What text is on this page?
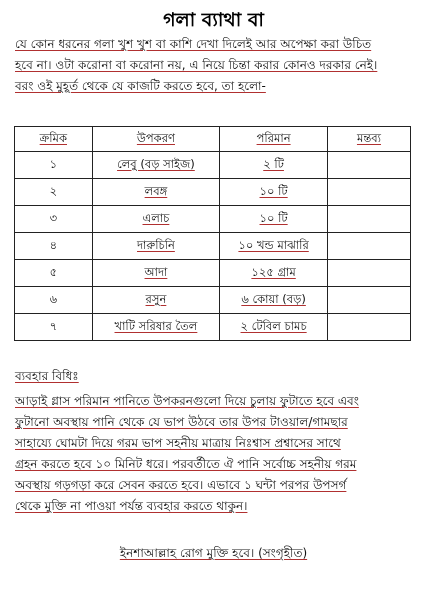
গলা ব্যাথা বা
যে কোন ধরনের গলা খুশ খুশ বা কাশি দেখা দিলেই আর অপেক্ষা করা উচিত
হবে না। ওটা করোনা বা করোনা নয়, এ নিয়ে চিন্তা করার কোনও দরকার নেই।
বরং ওই মুহূর্ত থেকে যে কাজটি করতে হবে, তা হলো-
ক্রমিক	উপকরণ	পরিমান	মন্তব্য
১	লেবু (বড় সাইজ)	২ টি	
২	লবঙ্গ	১০ টি	
৩	এলাচ	১০ টি	
৪	দারুচিনি	১০ খন্ড মাঝারি	
৫	আদা	১২৫ গ্রাম	
৬	রসুন	৬ কোয়া (বড়)	
৭	খাটি সরিষার তৈল	২ টেবিল চামচ	
ব্যবহার বিধিঃ
আড়াই গ্লাস পরিমান পানিতে উপকরনগুলো দিয়ে চুলায় ফুটাতে হবে এবং
ফুটানো অবস্থায় পানি থেকে যে ভাপ উঠবে তার উপর টাওয়াল/গামছার
সাহায্যে ঘোমটা দিয়ে গরম ভাপ সহনীয় মাত্রায় নিঃশ্বাস প্রশ্বাসের সাথে
গ্রহন করতে হবে ১০ মিনিট ধরে। পরবর্তীতে ঐ পানি সর্বোচ্চ সহনীয় গরম
অবস্থায় গড়গড়া করে সেবন করতে হবে। এভাবে ১ ঘন্টা পরপর উপসর্গ
থেকে মুক্তি না পাওয়া পর্যন্ত ব্যবহার করতে থাকুন।
ইনশাআল্লাহ রোগ মুক্তি হবে। (সংগৃহীত)
